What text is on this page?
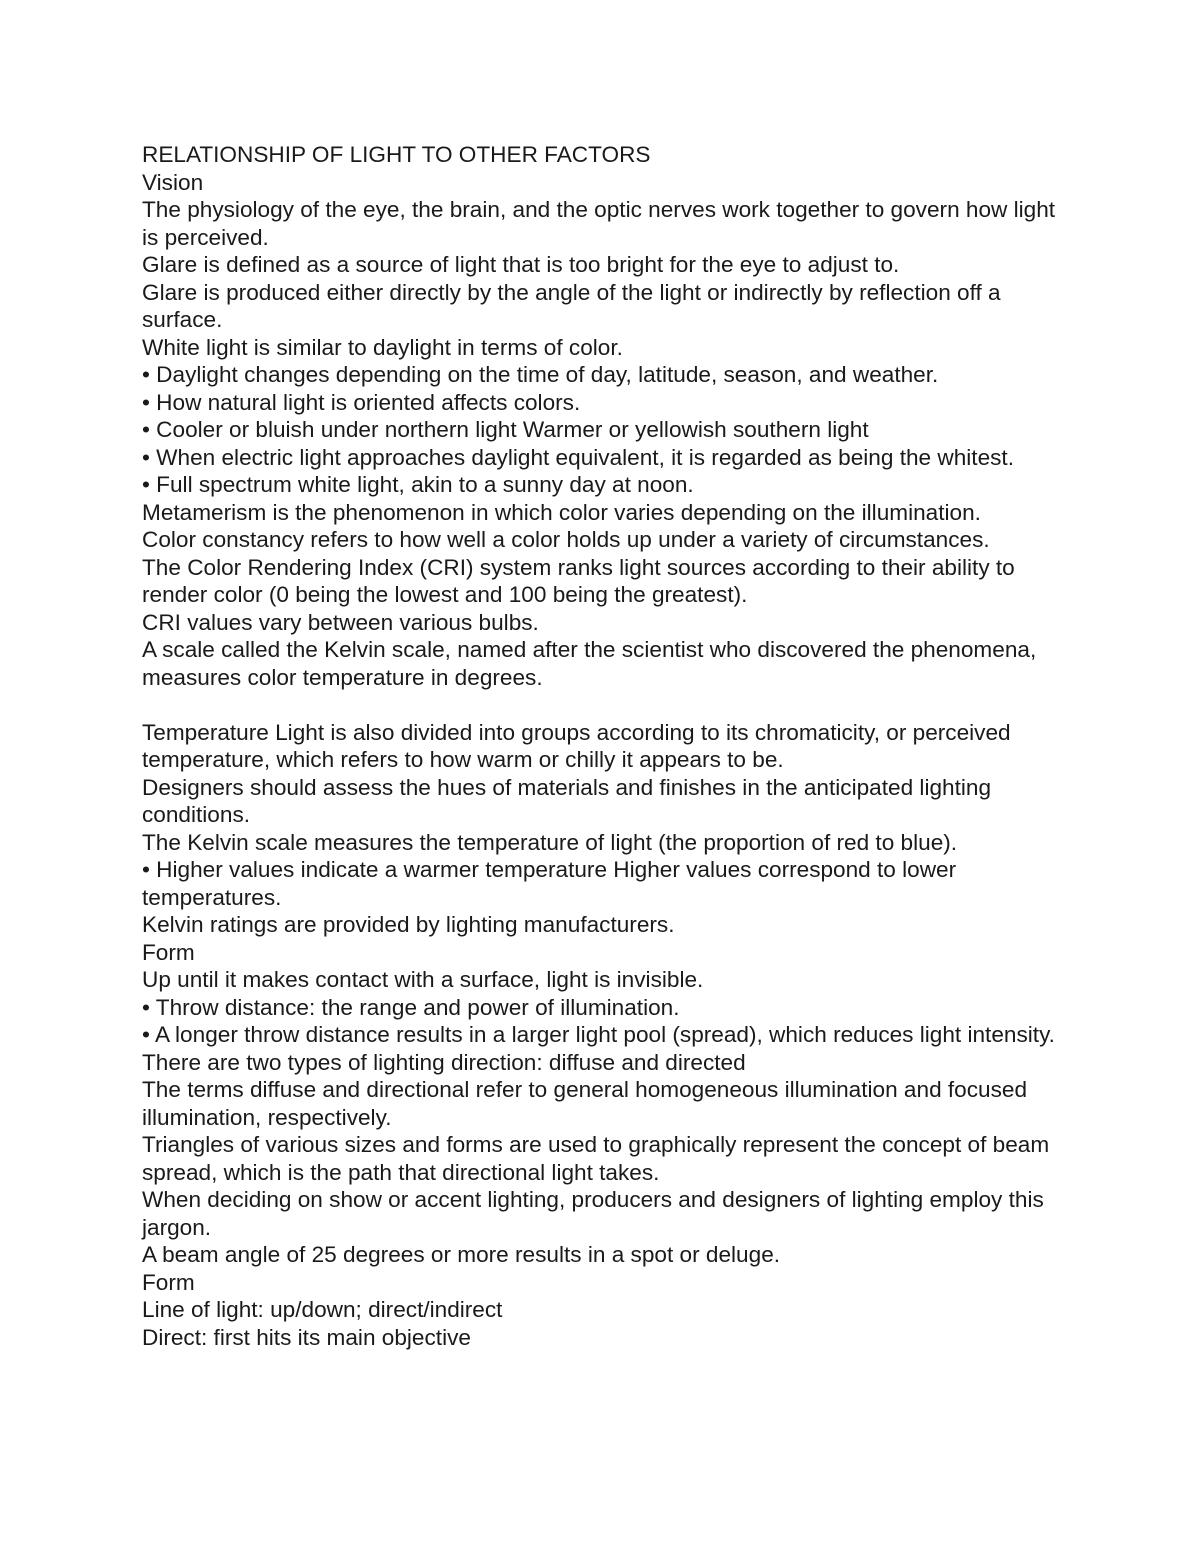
RELATIONSHIP OF LIGHT TO OTHER FACTORS

Vision

The physiology of the eye, the brain, and the optic nerves work together to govern how light is perceived.

Glare is defined as a source of light that is too bright for the eye to adjust to.

Glare is produced either directly by the angle of the light or indirectly by reflection off a surface.

White light is similar to daylight in terms of color.

• Daylight changes depending on the time of day, latitude, season, and weather.

• How natural light is oriented affects colors.

• Cooler or bluish under northern light Warmer or yellowish southern light

• When electric light approaches daylight equivalent, it is regarded as being the whitest.

• Full spectrum white light, akin to a sunny day at noon.

Metamerism is the phenomenon in which color varies depending on the illumination.

Color constancy refers to how well a color holds up under a variety of circumstances.

The Color Rendering Index (CRI) system ranks light sources according to their ability to render color (0 being the lowest and 100 being the greatest).

CRI values vary between various bulbs.

A scale called the Kelvin scale, named after the scientist who discovered the phenomena, measures color temperature in degrees.

Temperature Light is also divided into groups according to its chromaticity, or perceived temperature, which refers to how warm or chilly it appears to be.

Designers should assess the hues of materials and finishes in the anticipated lighting conditions.

The Kelvin scale measures the temperature of light (the proportion of red to blue).

• Higher values indicate a warmer temperature Higher values correspond to lower temperatures.

Kelvin ratings are provided by lighting manufacturers.

Form

Up until it makes contact with a surface, light is invisible.

• Throw distance: the range and power of illumination.

• A longer throw distance results in a larger light pool (spread), which reduces light intensity.

There are two types of lighting direction: diffuse and directed

The terms diffuse and directional refer to general homogeneous illumination and focused illumination, respectively.

Triangles of various sizes and forms are used to graphically represent the concept of beam spread, which is the path that directional light takes.

When deciding on show or accent lighting, producers and designers of lighting employ this jargon.

A beam angle of 25 degrees or more results in a spot or deluge.

Form

Line of light: up/down; direct/indirect

Direct: first hits its main objective
